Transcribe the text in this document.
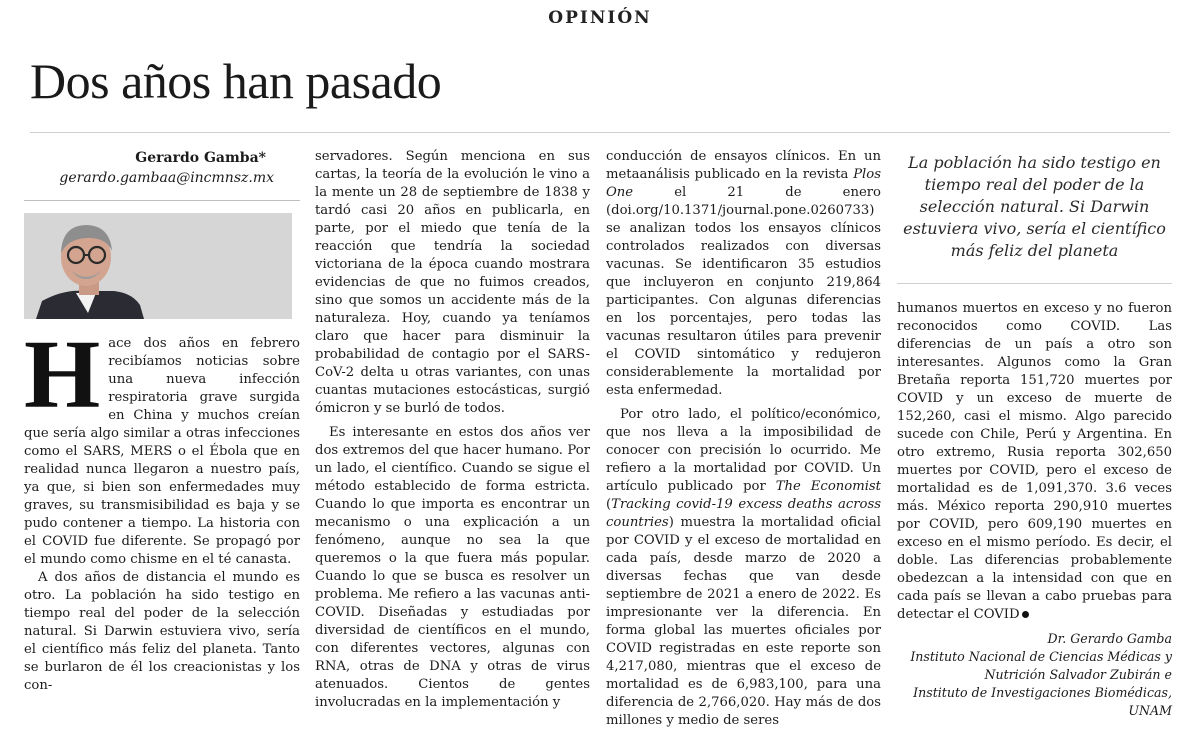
OPINIÓN
Dos años han pasado
Gerardo Gamba*
gerardo.gambaa@incmnsz.mx
H ace dos años en febrero recibíamos noticias sobre una nueva infección respiratoria grave surgida en China y muchos creían que sería algo similar a otras infecciones como el SARS, MERS o el Ébola que en realidad nunca llegaron a nuestro país, ya que, si bien son enfermedades muy graves, su transmisibilidad es baja y se pudo contener a tiempo. La historia con el COVID fue diferente. Se propagó por el mundo como chisme en el té canasta.

A dos años de distancia el mundo es otro. La población ha sido testigo en tiempo real del poder de la selección natural. Si Darwin estuviera vivo, sería el científico más feliz del planeta. Tanto se burlaron de él los creacionistas y los con-

servadores. Según menciona en sus cartas, la teoría de la evolución le vino a la mente un 28 de septiembre de 1838 y tardó casi 20 años en publicarla, en parte, por el miedo que tenía de la reacción que tendría la sociedad victoriana de la época cuando mostrara evidencias de que no fuimos creados, sino que somos un accidente más de la naturaleza. Hoy, cuando ya teníamos claro que hacer para disminuir la probabilidad de contagio por el SARS-CoV-2 delta u otras variantes, con unas cuantas mutaciones estocásticas, surgió ómicron y se burló de todos.

Es interesante en estos dos años ver dos extremos del que hacer humano. Por un lado, el científico. Cuando se sigue el método establecido de forma estricta. Cuando lo que importa es encontrar un mecanismo o una explicación a un fenómeno, aunque no sea la que queremos o la que fuera más popular. Cuando lo que se busca es resolver un problema. Me refiero a las vacunas anti-COVID. Diseñadas y estudiadas por diversidad de científicos en el mundo, con diferentes vectores, algunas con RNA, otras de DNA y otras de virus atenuados. Cientos de gentes involucradas en la implementación y

conducción de ensayos clínicos. En un metaanálisis publicado en la revista Plos One el 21 de enero (doi.org/10.1371/journal.pone.0260733) se analizan todos los ensayos clínicos controlados realizados con diversas vacunas. Se identificaron 35 estudios que incluyeron en conjunto 219,864 participantes. Con algunas diferencias en los porcentajes, pero todas las vacunas resultaron útiles para prevenir el COVID sintomático y redujeron considerablemente la mortalidad por esta enfermedad.

Por otro lado, el político/económico, que nos lleva a la imposibilidad de conocer con precisión lo ocurrido. Me refiero a la mortalidad por COVID. Un artículo publicado por The Economist (Tracking covid-19 excess deaths across countries) muestra la mortalidad oficial por COVID y el exceso de mortalidad en cada país, desde marzo de 2020 a diversas fechas que van desde septiembre de 2021 a enero de 2022. Es impresionante ver la diferencia. En forma global las muertes oficiales por COVID registradas en este reporte son 4,217,080, mientras que el exceso de mortalidad es de 6,983,100, para una diferencia de 2,766,020. Hay más de dos millones y medio de seres

La población ha sido testigo en tiempo real del poder de la selección natural. Si Darwin estuviera vivo, sería el científico más feliz del planeta

humanos muertos en exceso y no fueron reconocidos como COVID. Las diferencias de un país a otro son interesantes. Algunos como la Gran Bretaña reporta 151,720 muertes por COVID y un exceso de muerte de 152,260, casi el mismo. Algo parecido sucede con Chile, Perú y Argentina. En otro extremo, Rusia reporta 302,650 muertes por COVID, pero el exceso de mortalidad es de 1,091,370. 3.6 veces más. México reporta 290,910 muertes por COVID, pero 609,190 muertes en exceso en el mismo período. Es decir, el doble. Las diferencias probablemente obedezcan a la intensidad con que en cada país se llevan a cabo pruebas para detectar el COVID

Dr. Gerardo Gamba
Instituto Nacional de Ciencias Médicas y
Nutrición Salvador Zubirán e
Instituto de Investigaciones Biomédicas,
UNAM
